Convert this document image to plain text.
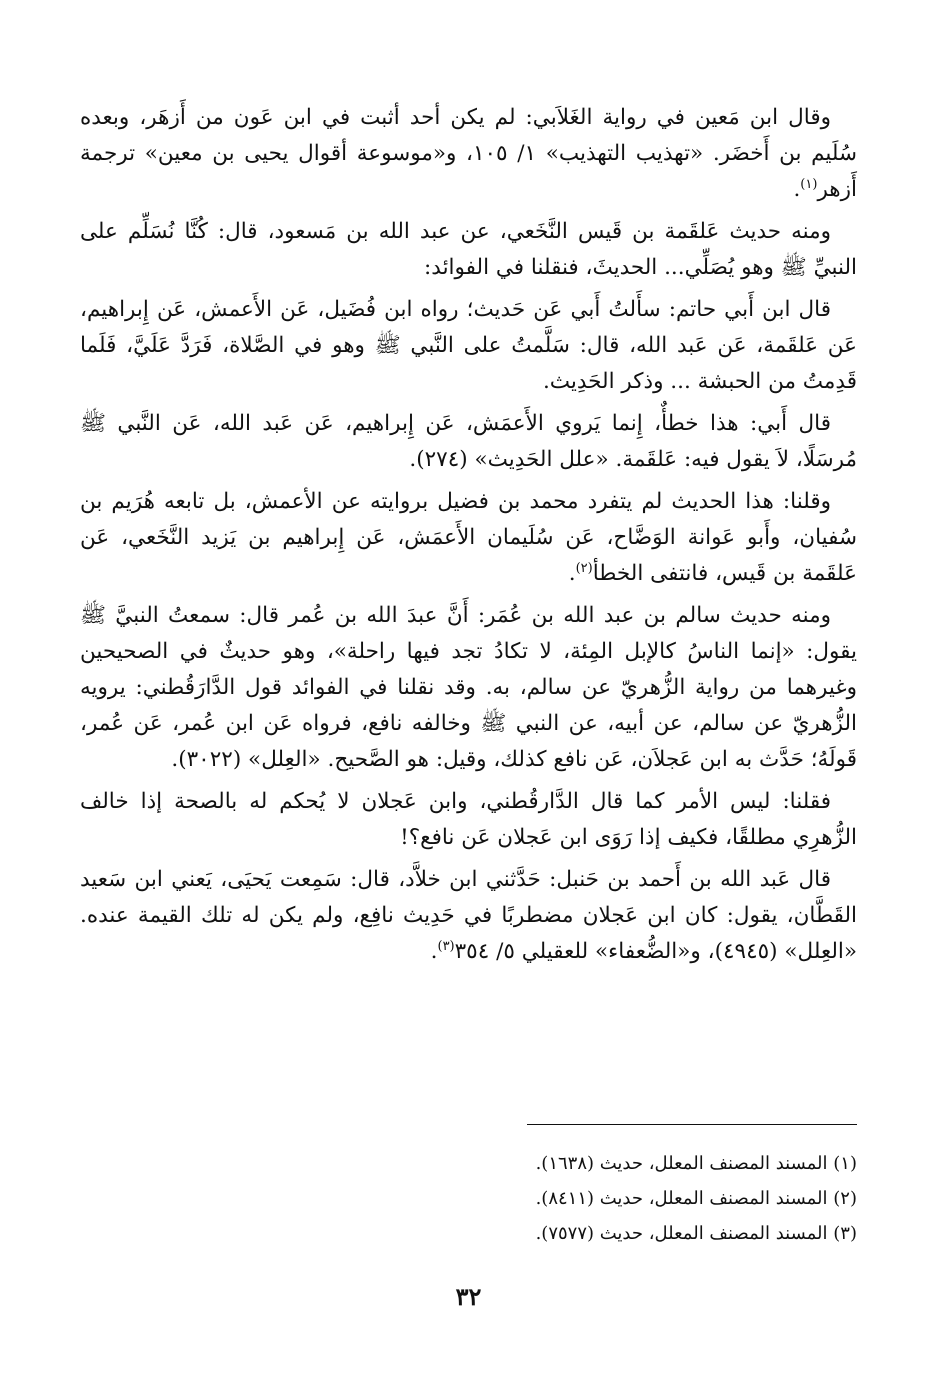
وقال ابن مَعين في رواية الغَلاَبي: لم يكن أحد أثبت في ابن عَون من أَزهَر، وبعده سُلَيم بن أَخضَر. «تهذيب التهذيب» ١/ ١٠٥، و«موسوعة أقوال يحيى بن معين» ترجمة أَزهر$^{(١)}$.

ومنه حديث عَلقَمة بن قَيس النَّخَعي، عن عبد الله بن مَسعود، قال: كُنَّا نُسَلِّم على النبيِّ ﷺ وهو يُصَلِّي... الحديثَ، فنقلنا في الفوائد:

قال ابن أَبي حاتم: سأَلتُ أَبي عَن حَديث؛ رواه ابن فُضَيل، عَن الأَعمش، عَن إِبراهيم، عَن عَلقَمة، عَن عَبد الله، قال: سَلَّمتُ على النَّبي ﷺ وهو في الصَّلاة، فَرَدَّ عَلَيَّ، فَلَما قَدِمتُ من الحبشة ... وذكر الحَدِيث.

قال أَبي: هذا خطأٌ، إِنما يَروي الأَعمَش، عَن إِبراهيم، عَن عَبد الله، عَن النَّبي ﷺ مُرسَلًا، لاَ يقول فيه: عَلقَمة. «علل الحَدِيث» (٢٧٤).

وقلنا: هذا الحديث لم يتفرد محمد بن فضيل بروايته عن الأعمش، بل تابعه هُرَيم بن سُفيان، وأَبو عَوانة الوَضَّاح، عَن سُلَيمان الأَعمَش، عَن إِبراهيم بن يَزيد النَّخَعي، عَن عَلقَمة بن قَيس، فانتفى الخطأ$^{(٢)}$.

ومنه حديث سالم بن عبد الله بن عُمَر: أَنَّ عبدَ الله بن عُمر قال: سمعتُ النبيَّ ﷺ يقول: «إنما الناسُ كالإبل المِئة، لا تكادُ تجد فيها راحلة»، وهو حديثٌ في الصحيحين وغيرهما من رواية الزُّهريّ عن سالم، به. وقد نقلنا في الفوائد قول الدَّارَقُطني: يرويه الزُّهريّ عن سالم، عن أبيه، عن النبي ﷺ وخالفه نافع، فرواه عَن ابن عُمر، عَن عُمر، قَولَهُ؛ حَدَّث به ابن عَجلاَن، عَن نافع كذلك، وقيل: هو الصَّحيح. «العِلل» (٣٠٢٢).

فقلنا: ليس الأمر كما قال الدَّارقُطني، وابن عَجلان لا يُحكم له بالصحة إذا خالف الزُّهرِي مطلقًا، فكيف إذا رَوَى ابن عَجلان عَن نافع؟!

قال عَبد الله بن أَحمد بن حَنبل: حَدَّثني ابن خلاَّد، قال: سَمِعت يَحيَى، يَعني ابن سَعيد القَطَّان، يقول: كان ابن عَجلان مضطربًا في حَدِيث نافِع، ولم يكن له تلك القيمة عنده. «العِلل» (٤٩٤٥)، و«الضُّعفاء» للعقيلي ٥/ ٣٥٤$^{(٣)}$.

(١) المسند المصنف المعلل، حديث (١٦٣٨).
(٢) المسند المصنف المعلل، حديث (٨٤١١).
(٣) المسند المصنف المعلل، حديث (٧٥٧٧).
٣٢
